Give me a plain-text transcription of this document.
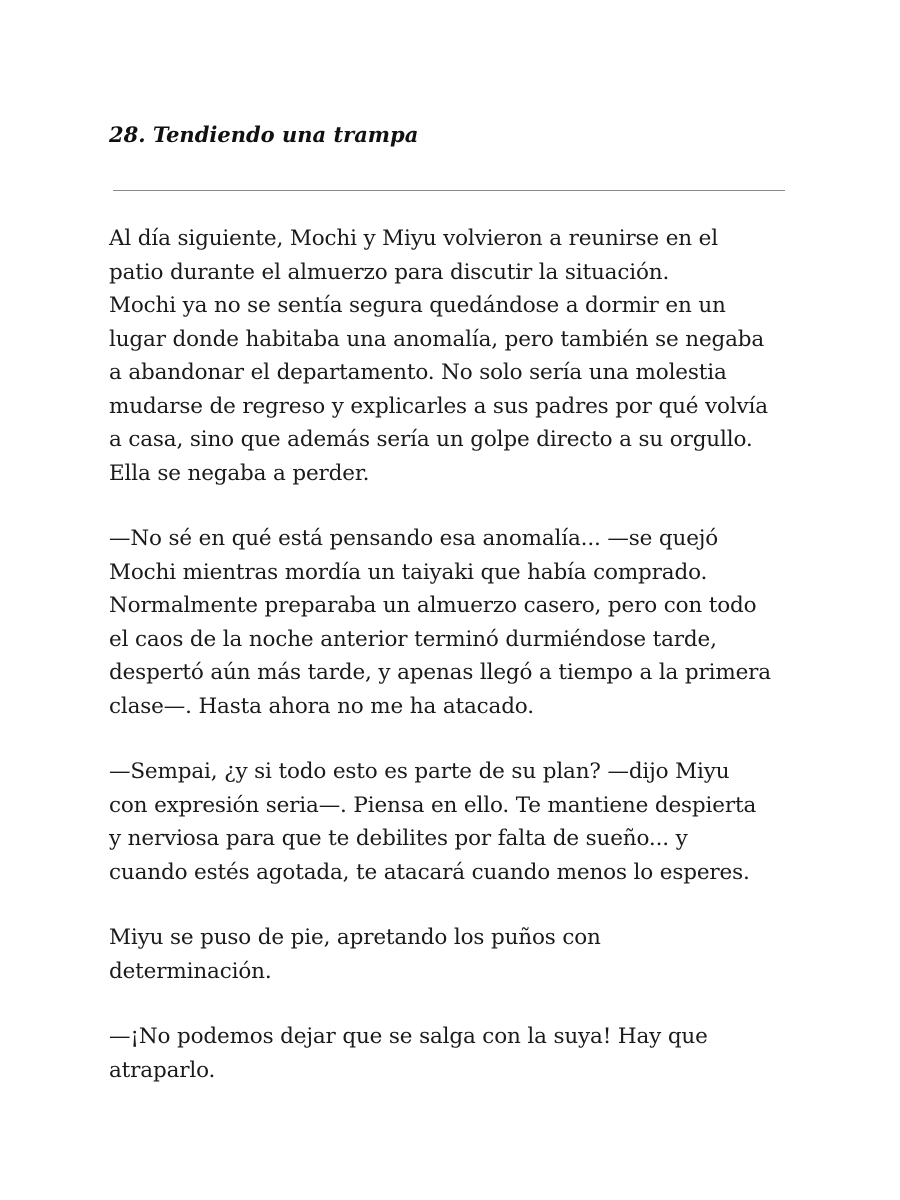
28. Tendiendo una trampa

Al día siguiente, Mochi y Miyu volvieron a reunirse en el
patio durante el almuerzo para discutir la situación.
Mochi ya no se sentía segura quedándose a dormir en un
lugar donde habitaba una anomalía, pero también se negaba
a abandonar el departamento. No solo sería una molestia
mudarse de regreso y explicarles a sus padres por qué volvía
a casa, sino que además sería un golpe directo a su orgullo.
Ella se negaba a perder.

—No sé en qué está pensando esa anomalía... —se quejó
Mochi mientras mordía un taiyaki que había comprado.
Normalmente preparaba un almuerzo casero, pero con todo
el caos de la noche anterior terminó durmiéndose tarde,
despertó aún más tarde, y apenas llegó a tiempo a la primera
clase—. Hasta ahora no me ha atacado.

—Sempai, ¿y si todo esto es parte de su plan? —dijo Miyu
con expresión seria—. Piensa en ello. Te mantiene despierta
y nerviosa para que te debilites por falta de sueño... y
cuando estés agotada, te atacará cuando menos lo esperes.

Miyu se puso de pie, apretando los puños con
determinación.

—¡No podemos dejar que se salga con la suya! Hay que
atraparlo.
